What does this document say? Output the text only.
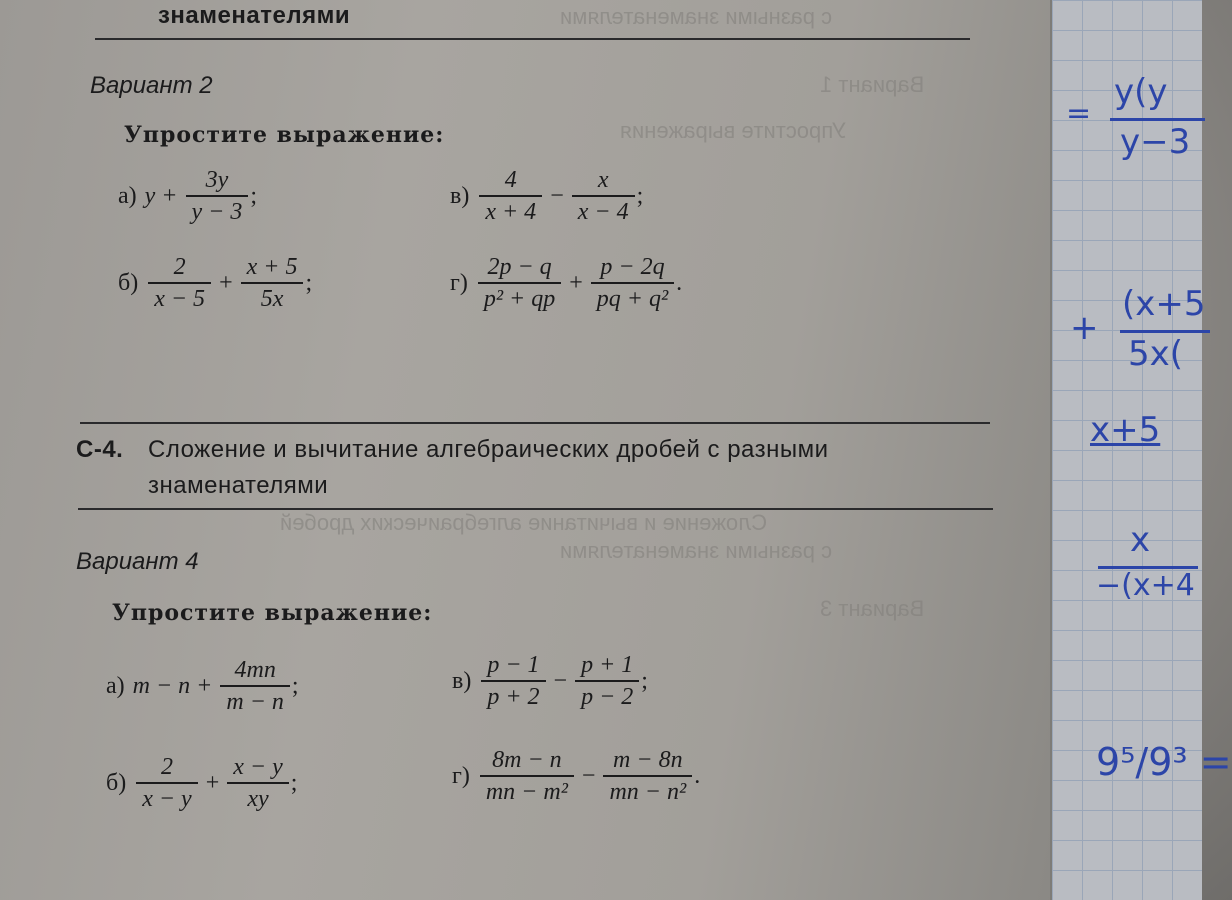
с разными знаменателями
Вариант 1
Упростите выражения
Сложение и вычитание алгебраических дробей
с разными знаменателями
Вариант 3
знаменателями
Вариант 2
Упростите выражение:
а) $y + \frac{3y}{y - 3}$ ;
$б) \frac{2}{x - 5} + \frac{x + 5}{5x}$ ;
$в) \frac{4}{x + 4} - \frac{x}{x - 4}$ ;
$г) \frac{2p - q}{\text{p² + qp}} + \frac{p - 2q}{\text{pq + q²}}$ .
С-4. Сложение и вычитание алгебраических дробей с разными
знаменателями
Вариант 4
Упростите выражение:
а) $m - n + \frac{4mn}{m - n}$ ;
$б) \frac{2}{x - y} + \frac{x - y}{xy}$ ;
$в) \frac{p - 1}{p + 2} - \frac{p + 1}{p - 2}$ ;
$г) \frac{8m - n}{\text{mn − m²}} - \frac{m - 8n}{\text{mn − n²}}$ .
=
y(y
y−3
+
(x+5
5x(
x+5
x
−(x+4
9⁵/9³ =
